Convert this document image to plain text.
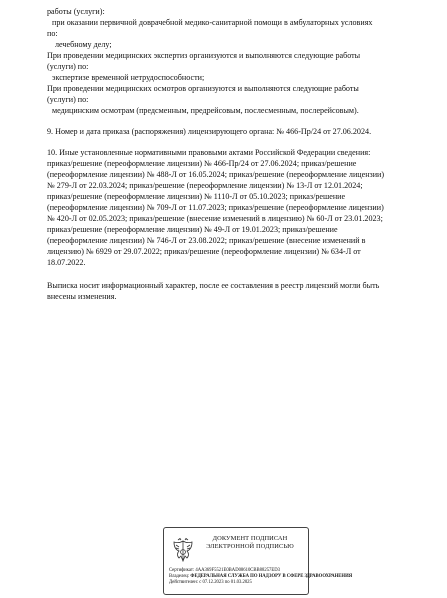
работы (услуги):

при оказании первичной доврачебной медико-санитарной помощи в амбулаторных условиях

по:

лечебному делу;

При проведении медицинских экспертиз организуются и выполняются следующие работы

(услуги) по:

экспертизе временной нетрудоспособности;

При проведении медицинских осмотров организуются и выполняются следующие работы

(услуги) по:

медицинским осмотрам (предсменным, предрейсовым, послесменным, послерейсовым).

9. Номер и дата приказа (распоряжения) лицензирующего органа: № 466-Пр/24 от 27.06.2024.

10. Иные установленные нормативными правовыми актами Российской Федерации сведения:

приказ/решение (переоформление лицензии) № 466-Пр/24 от 27.06.2024; приказ/решение

(переоформление лицензии) № 488-Л от 16.05.2024; приказ/решение (переоформление лицензии)

№ 279-Л от 22.03.2024; приказ/решение (переоформление лицензии) № 13-Л от 12.01.2024;

приказ/решение (переоформление лицензии) № 1110-Л от 05.10.2023; приказ/решение

(переоформление лицензии) № 709-Л от 11.07.2023; приказ/решение (переоформление лицензии)

№ 420-Л от 02.05.2023; приказ/решение (внесение изменений в лицензию) № 60-Л от 23.01.2023;

приказ/решение (переоформление лицензии) № 49-Л от 19.01.2023; приказ/решение

(переоформление лицензии) № 746-Л от 23.08.2022; приказ/решение (внесение изменений в

лицензию) № 6929 от 29.07.2022; приказ/решение (переоформление лицензии) № 634-Л от

18.07.2022.

Выписка носит информационный характер, после ее составления в реестр лицензий могли быть

внесены изменения.

ДОКУМЕНТ ПОДПИСАН
ЭЛЕКТРОННОЙ ПОДПИСЬЮ
Сертификат: 4AA369F5521E0BAD08610CBB88257ED3
Владелец: ФЕДЕРАЛЬНАЯ СЛУЖБА ПО НАДЗОРУ В СФЕРЕ ЗДРАВООХРАНЕНИЯ
Действителен: с 07.12.2023 по 01.03.2025
